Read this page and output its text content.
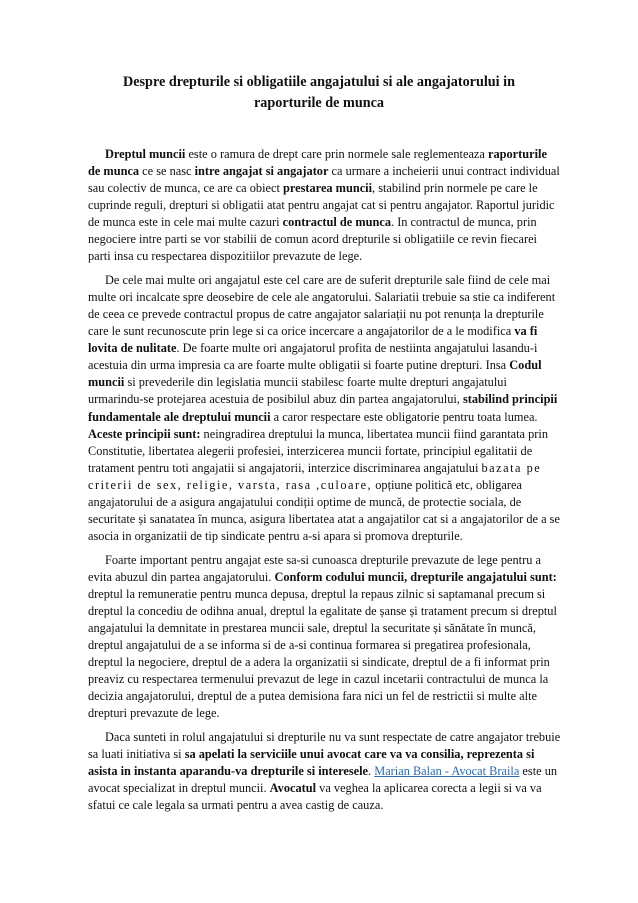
Despre drepturile si obligatiile angajatului si ale angajatorului in raporturile de munca

Dreptul muncii este o ramura de drept care prin normele sale reglementeaza raporturile de munca ce se nasc intre angajat si angajator ca urmare a incheierii unui contract individual sau colectiv de munca, ce are ca obiect prestarea muncii, stabilind prin normele pe care le cuprinde reguli, drepturi si obligatii atat pentru angajat cat si pentru angajator. Raportul juridic de munca este in cele mai multe cazuri contractul de munca. In contractul de munca, prin negociere intre parti se vor stabilii de comun acord drepturile si obligatiile ce revin fiecarei parti insa cu respectarea dispozitiilor prevazute de lege.

De cele mai multe ori angajatul este cel care are de suferit drepturile sale fiind de cele mai multe ori incalcate spre deosebire de cele ale angatorului. Salariatii trebuie sa stie ca indiferent de ceea ce prevede contractul propus de catre angajator salariații nu pot renunța la drepturile care le sunt recunoscute prin lege si ca orice incercare a angajatorilor de a le modifica va fi lovita de nulitate. De foarte multe ori angajatorul profita de nestiinta angajatului lasandu-i acestuia din urma impresia ca are foarte multe obligatii si foarte putine drepturi. Insa Codul muncii si prevederile din legislatia muncii stabilesc foarte multe drepturi angajatului urmarindu-se protejarea acestuia de posibilul abuz din partea angajatorului, stabilind principii fundamentale ale dreptului muncii a caror respectare este obligatorie pentru toata lumea. Aceste principii sunt: neingradirea dreptului la munca, libertatea muncii fiind garantata prin Constitutie, libertatea alegerii profesiei, interzicerea muncii fortate, principiul egalitatii de tratament pentru toti angajatii si angajatorii, interzice discriminarea angajatului bazata pe criterii de sex, religie, varsta, rasa ,culoare, opțiune politică etc, obligarea angajatorului de a asigura angajatului condiții optime de muncă, de protectie sociala, de securitate și sanatatea în munca, asigura libertatea atat a angajatilor cat si a angajatorilor de a se asocia in organizatii de tip sindicate pentru a-si apara si promova drepturile.

Foarte important pentru angajat este sa-si cunoasca drepturile prevazute de lege pentru a evita abuzul din partea angajatorului. Conform codului muncii, drepturile angajatului sunt: dreptul la remuneratie pentru munca depusa, dreptul la repaus zilnic si saptamanal precum si dreptul la concediu de odihna anual, dreptul la egalitate de șanse și tratament precum si dreptul angajatului la demnitate in prestarea muncii sale, dreptul la securitate și sănătate în muncă, dreptul angajatului de a se informa si de a-si continua formarea si pregatirea profesionala, dreptul la negociere, dreptul de a adera la organizatii si sindicate, dreptul de a fi informat prin preaviz cu respectarea termenului prevazut de lege in cazul incetarii contractului de munca la decizia angajatorului, dreptul de a putea demisiona fara nici un fel de restrictii si multe alte drepturi prevazute de lege.

Daca sunteti in rolul angajatului si drepturile nu va sunt respectate de catre angajator trebuie sa luati initiativa si sa apelati la serviciile unui avocat care va va consilia, reprezenta si asista in instanta aparandu-va drepturile si interesele. Marian Balan - Avocat Braila este un avocat specializat in dreptul muncii. Avocatul va veghea la aplicarea corecta a legii si va va sfatui ce cale legala sa urmati pentru a avea castig de cauza.
